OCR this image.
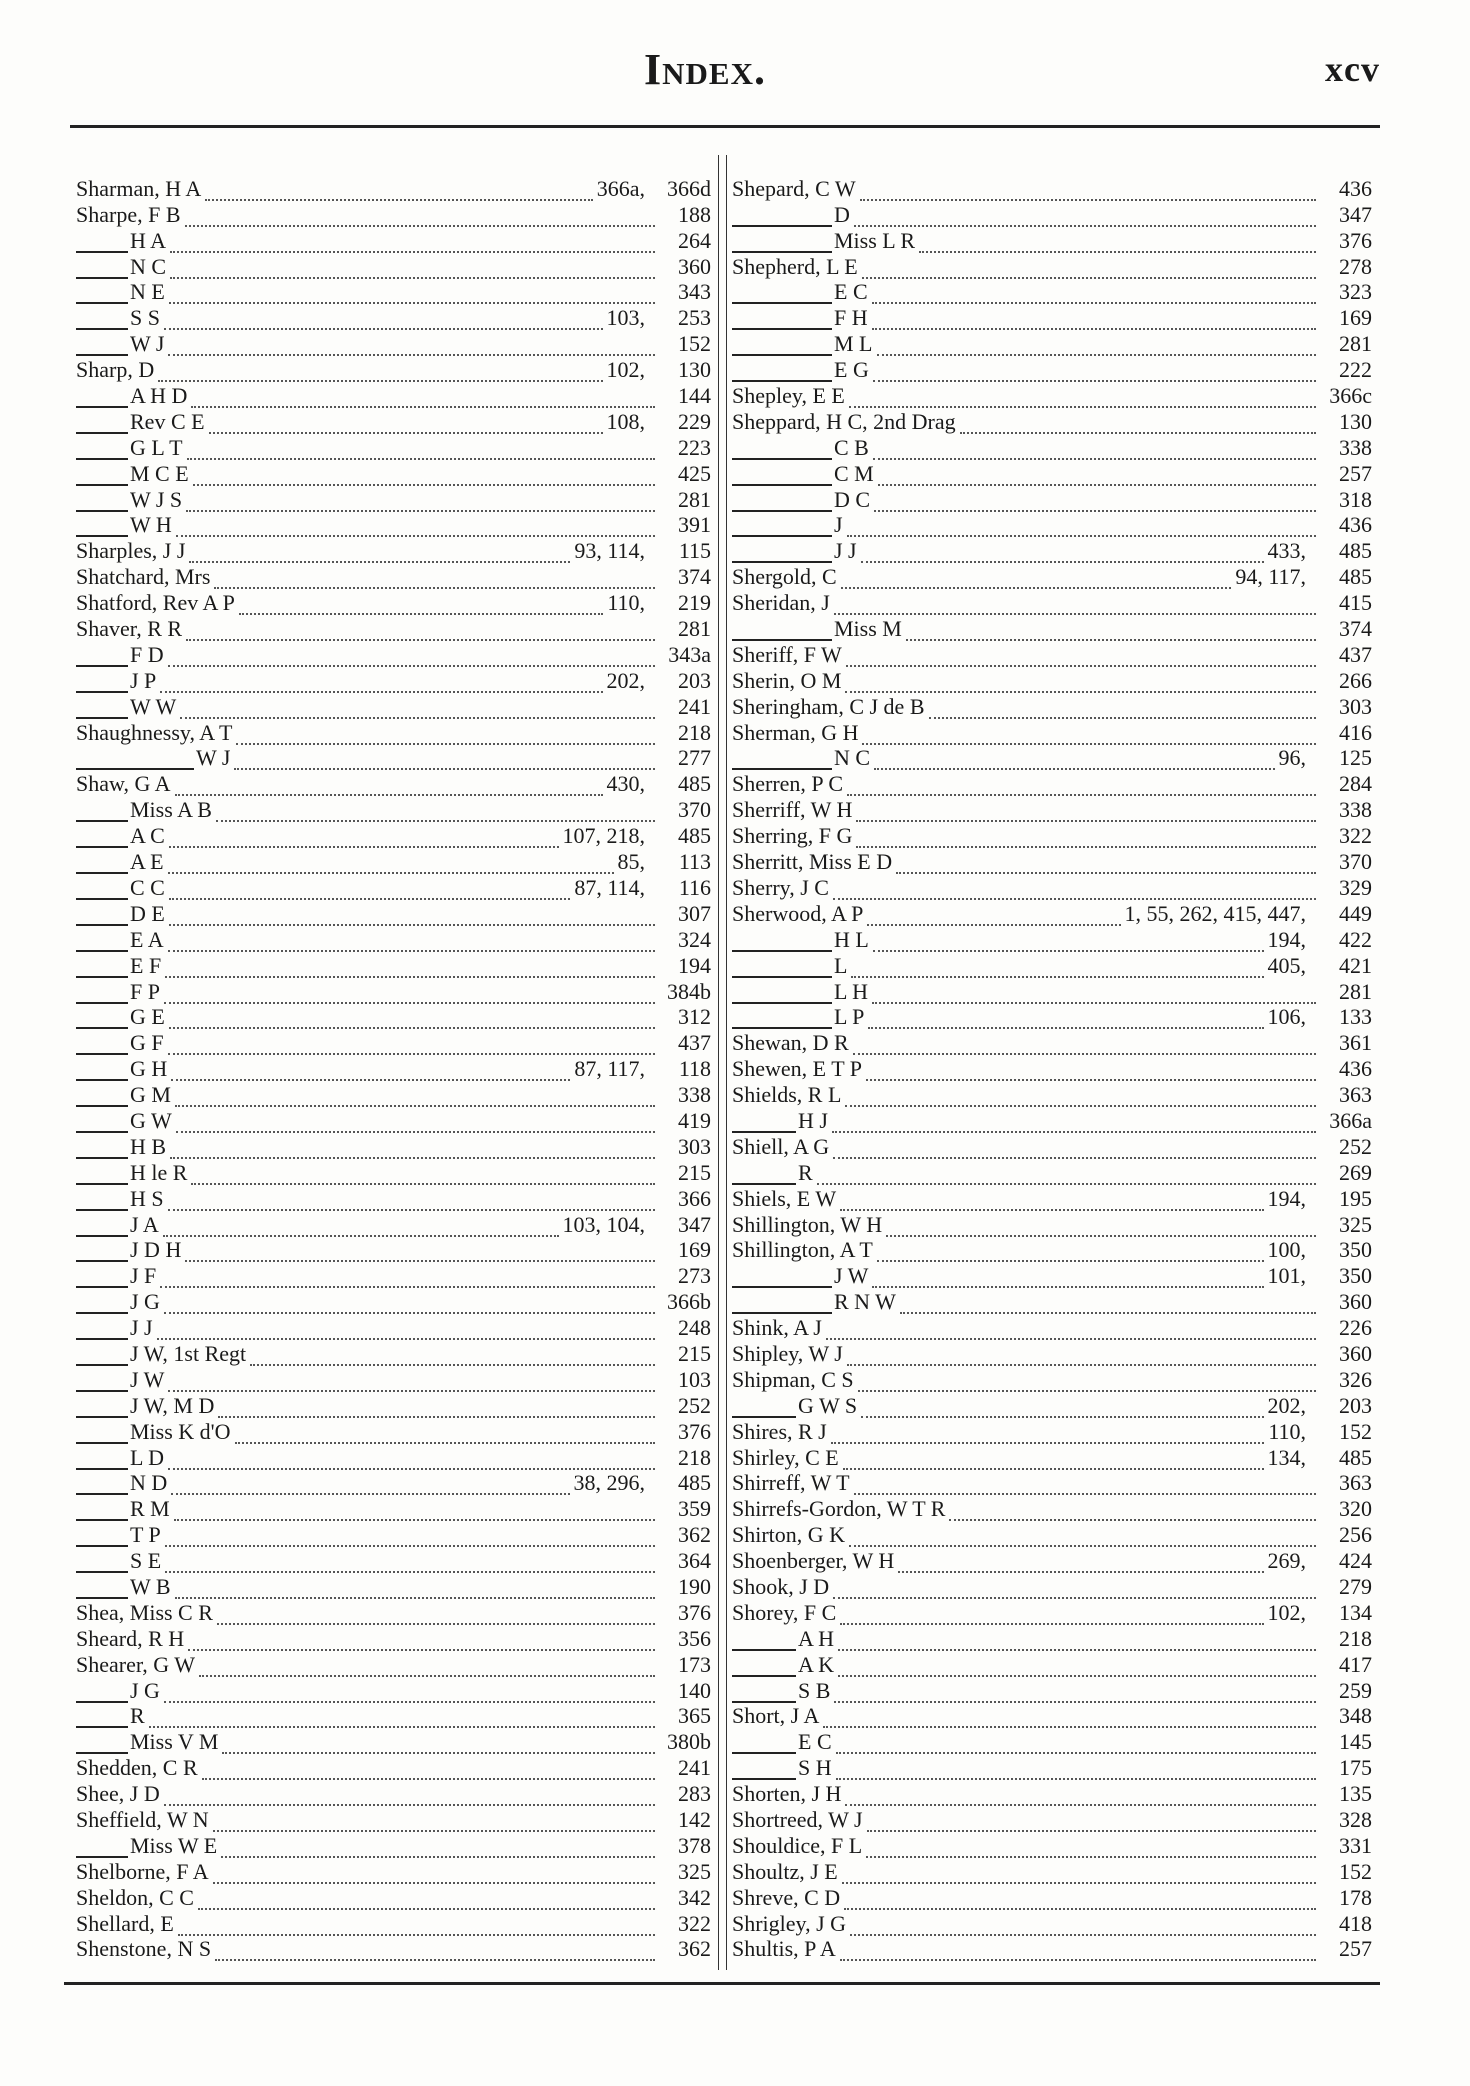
Index.	xcv
Sharman, H A	366a,	366d
Sharpe, F B	188
H A	264
N C	360
N E	343
S S	103,	253
W J	152
Sharp, D	102,	130
A H D	144
Rev C E	108,	229
G L T	223
M C E	425
W J S	281
W H	391
Sharples, J J	93, 114,	115
Shatchard, Mrs	374
Shatford, Rev A P	110,	219
Shaver, R R	281
F D	343a
J P	202,	203
W W	241
Shaughnessy, A T	218
W J	277
Shaw, G A	430,	485
Miss A B	370
A C	107, 218,	485
A E	85,	113
C C	87, 114,	116
D E	307
E A	324
E F	194
F P	384b
G E	312
G F	437
G H	87, 117,	118
G M	338
G W	419
H B	303
H le R	215
H S	366
J A	103, 104,	347
J D H	169
J F	273
J G	366b
J J	248
J W, 1st Regt	215
J W	103
J W, M D	252
Miss K d'O	376
L D	218
N D	38, 296,	485
R M	359
T P	362
S E	364
W B	190
Shea, Miss C R	376
Sheard, R H	356
Shearer, G W	173
J G	140
R	365
Miss V M	380b
Shedden, C R	241
Shee, J D	283
Sheffield, W N	142
Miss W E	378
Shelborne, F A	325
Sheldon, C C	342
Shellard, E	322
Shenstone, N S	362
Shepard, C W	436
D	347
Miss L R	376
Shepherd, L E	278
E C	323
F H	169
M L	281
E G	222
Shepley, E E	366c
Sheppard, H C, 2nd Drag	130
C B	338
C M	257
D C	318
J	436
J J	433,	485
Shergold, C	94, 117,	485
Sheridan, J	415
Miss M	374
Sheriff, F W	437
Sherin, O M	266
Sheringham, C J de B	303
Sherman, G H	416
N C	96,	125
Sherren, P C	284
Sherriff, W H	338
Sherring, F G	322
Sherritt, Miss E D	370
Sherry, J C	329
Sherwood, A P	1, 55, 262, 415, 447,	449
H L	194,	422
L	405,	421
L H	281
L P	106,	133
Shewan, D R	361
Shewen, E T P	436
Shields, R L	363
H J	366a
Shiell, A G	252
R	269
Shiels, E W	194,	195
Shillington, W H	325
Shillington, A T	100,	350
J W	101,	350
R N W	360
Shink, A J	226
Shipley, W J	360
Shipman, C S	326
G W S	202,	203
Shires, R J	110,	152
Shirley, C E	134,	485
Shirreff, W T	363
Shirrefs-Gordon, W T R	320
Shirton, G K	256
Shoenberger, W H	269,	424
Shook, J D	279
Shorey, F C	102,	134
A H	218
A K	417
S B	259
Short, J A	348
E C	145
S H	175
Shorten, J H	135
Shortreed, W J	328
Shouldice, F L	331
Shoultz, J E	152
Shreve, C D	178
Shrigley, J G	418
Shultis, P A	257
